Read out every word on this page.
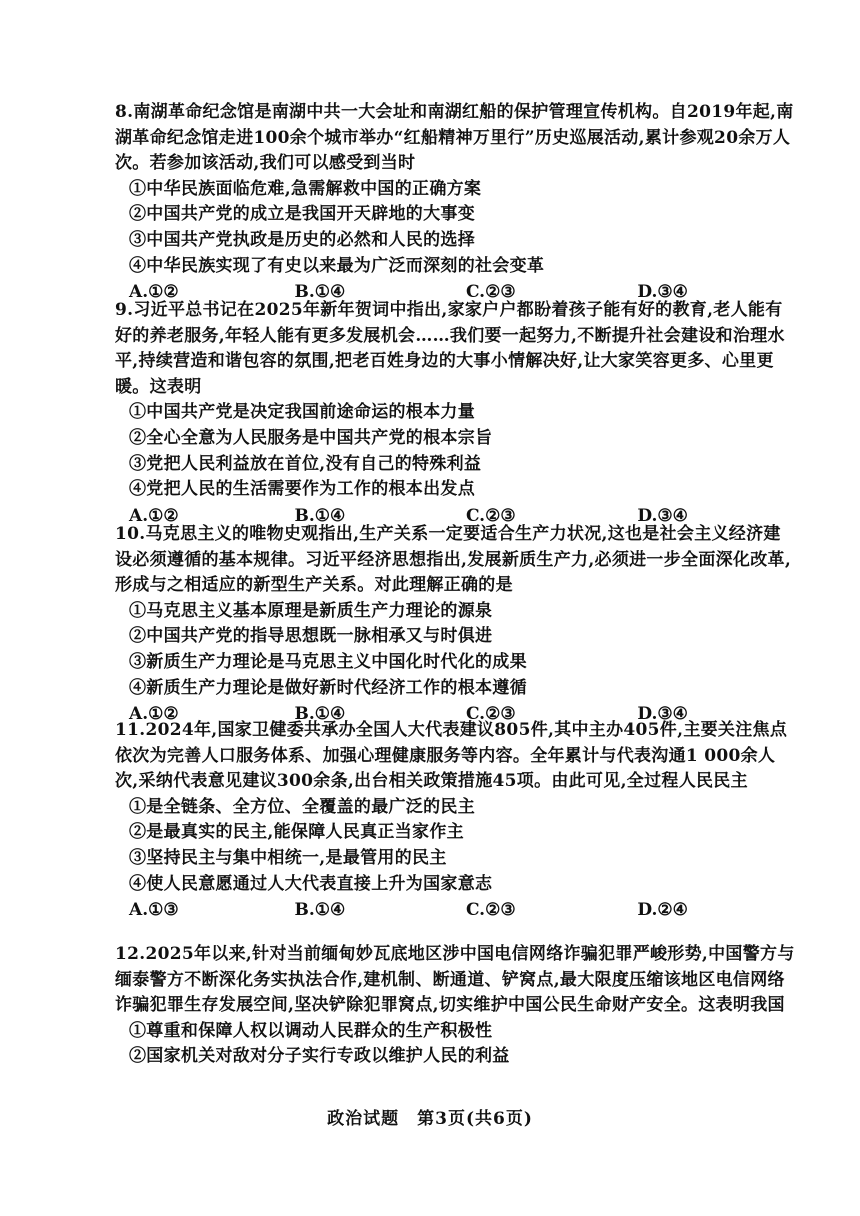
8.南湖革命纪念馆是南湖中共一大会址和南湖红船的保护管理宣传机构。自2019年起,南湖革命纪念馆走进100余个城市举办“红船精神万里行”历史巡展活动,累计参观20余万人次。若参加该活动,我们可以感受到当时

①中华民族面临危难,急需解救中国的正确方案

②中国共产党的成立是我国开天辟地的大事变

③中国共产党执政是历史的必然和人民的选择

④中华民族实现了有史以来最为广泛而深刻的社会变革

A.①②	B.①④	C.②③	D.③④

9.习近平总书记在2025年新年贺词中指出,家家户户都盼着孩子能有好的教育,老人能有好的养老服务,年轻人能有更多发展机会……我们要一起努力,不断提升社会建设和治理水平,持续营造和谐包容的氛围,把老百姓身边的大事小情解决好,让大家笑容更多、心里更暖。这表明

①中国共产党是决定我国前途命运的根本力量

②全心全意为人民服务是中国共产党的根本宗旨

③党把人民利益放在首位,没有自己的特殊利益

④党把人民的生活需要作为工作的根本出发点

A.①②	B.①④	C.②③	D.③④

10.马克思主义的唯物史观指出,生产关系一定要适合生产力状况,这也是社会主义经济建设必须遵循的基本规律。习近平经济思想指出,发展新质生产力,必须进一步全面深化改革,形成与之相适应的新型生产关系。对此理解正确的是

①马克思主义基本原理是新质生产力理论的源泉

②中国共产党的指导思想既一脉相承又与时俱进

③新质生产力理论是马克思主义中国化时代化的成果

④新质生产力理论是做好新时代经济工作的根本遵循

A.①②	B.①④	C.②③	D.③④

11.2024年,国家卫健委共承办全国人大代表建议805件,其中主办405件,主要关注焦点依次为完善人口服务体系、加强心理健康服务等内容。全年累计与代表沟通1 000余人次,采纳代表意见建议300余条,出台相关政策措施45项。由此可见,全过程人民民主

①是全链条、全方位、全覆盖的最广泛的民主

②是最真实的民主,能保障人民真正当家作主

③坚持民主与集中相统一,是最管用的民主

④使人民意愿通过人大代表直接上升为国家意志

A.①③	B.①④	C.②③	D.②④

12.2025年以来,针对当前缅甸妙瓦底地区涉中国电信网络诈骗犯罪严峻形势,中国警方与缅泰警方不断深化务实执法合作,建机制、断通道、铲窝点,最大限度压缩该地区电信网络诈骗犯罪生存发展空间,坚决铲除犯罪窝点,切实维护中国公民生命财产安全。这表明我国

①尊重和保障人权以调动人民群众的生产积极性

②国家机关对敌对分子实行专政以维护人民的利益

政治试题　第3页(共6页)
